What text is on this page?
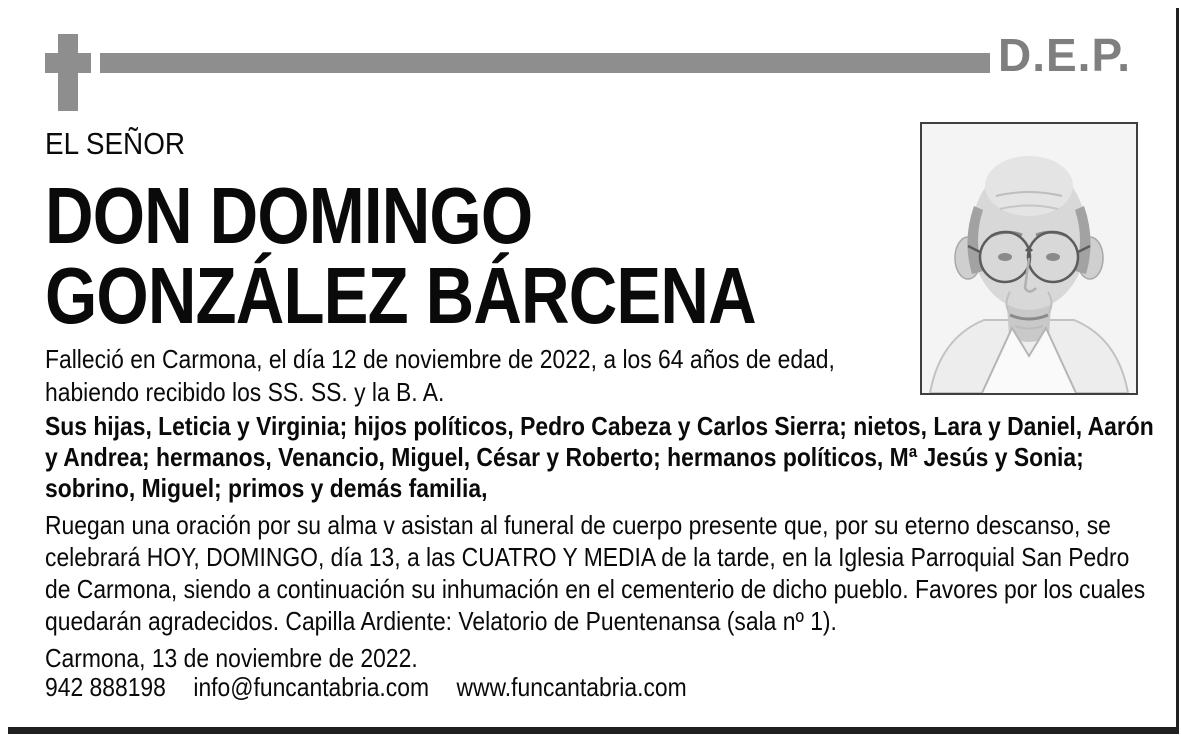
D.E.P.
EL SEÑOR
DON DOMINGO
GONZÁLEZ BÁRCENA

Falleció en Carmona, el día 12 de noviembre de 2022, a los 64 años de edad, habiendo recibido los SS. SS. y la B. A.

Sus hijas, Leticia y Virginia; hijos políticos, Pedro Cabeza y Carlos Sierra; nietos, Lara y Daniel, Aarón y Andrea; hermanos, Venancio, Miguel, César y Roberto; hermanos políticos, Mª Jesús y Sonia; sobrino, Miguel; primos y demás familia,

Ruegan una oración por su alma v asistan al funeral de cuerpo presente que, por su eterno descanso, se celebrará HOY, DOMINGO, día 13, a las CUATRO Y MEDIA de la tarde, en la Iglesia Parroquial San Pedro de Carmona, siendo a continuación su inhumación en el cementerio de dicho pueblo. Favores por los cuales quedarán agradecidos. Capilla Ardiente: Velatorio de Puentenansa (sala nº 1).

Carmona, 13 de noviembre de 2022.

942 888198 info@funcantabria.com www.funcantabria.com
